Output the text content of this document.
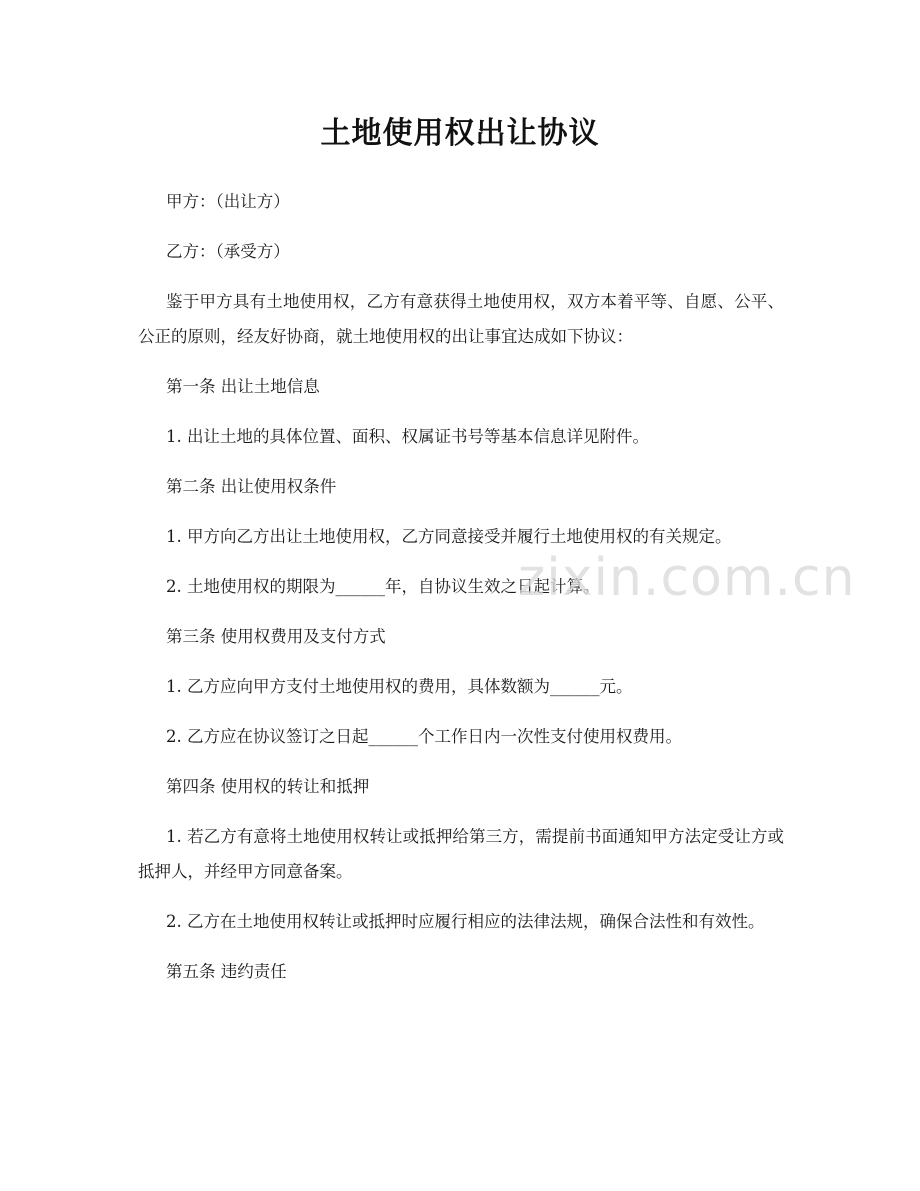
土地使用权出让协议

甲方：（出让方）

乙方：（承受方）

鉴于甲方具有土地使用权，乙方有意获得土地使用权，双方本着平等、自愿、公平、公正的原则，经友好协商，就土地使用权的出让事宜达成如下协议：

第一条 出让土地信息

1. 出让土地的具体位置、面积、权属证书号等基本信息详见附件。

第二条 出让使用权条件

1. 甲方向乙方出让土地使用权，乙方同意接受并履行土地使用权的有关规定。

2. 土地使用权的期限为______年，自协议生效之日起计算。

第三条 使用权费用及支付方式

1. 乙方应向甲方支付土地使用权的费用，具体数额为______元。

2. 乙方应在协议签订之日起______个工作日内一次性支付使用权费用。

第四条 使用权的转让和抵押

1. 若乙方有意将土地使用权转让或抵押给第三方，需提前书面通知甲方法定受让方或抵押人，并经甲方同意备案。

2. 乙方在土地使用权转让或抵押时应履行相应的法律法规，确保合法性和有效性。

第五条 违约责任

zixin.com.cn
